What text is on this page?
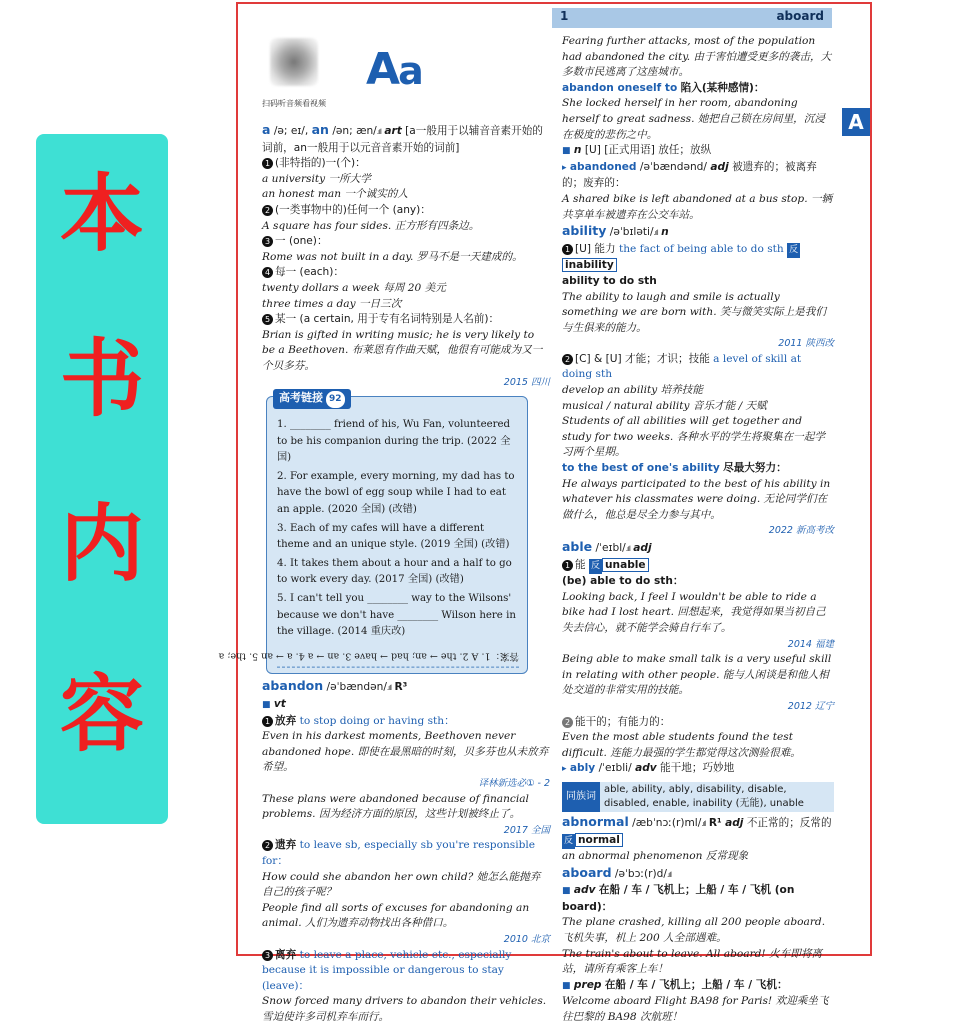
本
书
内
容
扫码听音频看视频
Aa
1	aboard
A
a /ə; eɪ/, an /ən; æn/.ıIl art [a一般用于以辅音音素开始的词前，an一般用于以元音音素开始的词前]
1 (非特指的)一(个)：
a university 一所大学
an honest man 一个诚实的人
2 (一类事物中的)任何一个 (any)：
A square has four sides. 正方形有四条边。
3 一 (one)：
Rome was not built in a day. 罗马不是一天建成的。
4 每一 (each)：
twenty dollars a week 每周 20 美元
three times a day 一日三次
5 某一 (a certain, 用于专有名词特别是人名前)：
Brian is gifted in writing music; he is very likely to be a Beethoven. 布莱恩有作曲天赋，他很有可能成为又一个贝多芬。
2015 四川
高考链接 92
1. ________ friend of his, Wu Fan, volunteered to be his companion during the trip. (2022 全国)
2. For example, every morning, my dad has to have the bowl of egg soup while I had to eat an apple. (2020 全国) (改错)
3. Each of my cafes will have a different theme and an unique style. (2019 全国) (改错)
4. It takes them about a hour and a half to go to work every day. (2017 全国) (改错)
5. I can't tell you ________ way to the Wilsons' because we don't have ________ Wilson here in the village. (2014 重庆改)
答案：1. A 2. the → an; had → have 3. an → a 4. a → an 5. the; a
abandon /əˈbændən/.ıIl R³
■ vt
1 放弃 to stop doing or having sth：
Even in his darkest moments, Beethoven never abandoned hope. 即使在最黑暗的时刻，贝多芬也从未放弃希望。
译林新选必① - 2
These plans were abandoned because of financial problems. 因为经济方面的原因，这些计划被终止了。
2017 全国
2 遗弃 to leave sb, especially sb you're responsible for：
How could she abandon her own child? 她怎么能抛弃自己的孩子呢？
People find all sorts of excuses for abandoning an animal. 人们为遗弃动物找出各种借口。
2010 北京
3 离弃 to leave a place, vehicle etc., especially because it is impossible or dangerous to stay (leave)：
Snow forced many drivers to abandon their vehicles. 雪迫使许多司机弃车而行。
Fearing further attacks, most of the population had abandoned the city. 由于害怕遭受更多的袭击，大多数市民逃离了这座城市。
abandon oneself to 陷入(某种感情)：
She locked herself in her room, abandoning herself to great sadness. 她把自己锁在房间里，沉浸在极度的悲伤之中。
■ n [U] [正式用语] 放任；放纵
▸ abandoned /əˈbændənd/ adj 被遗弃的；被离弃的；废弃的：
A shared bike is left abandoned at a bus stop. 一辆共享单车被遗弃在公交车站。
ability /əˈbɪləti/.ıIl n
1 [U] 能力 the fact of being able to do sth 反inability
ability to do sth
The ability to laugh and smile is actually something we are born with. 笑与微笑实际上是我们与生俱来的能力。
2011 陕西改
2 [C] & [U] 才能；才识；技能 a level of skill at doing sth
develop an ability 培养技能
musical / natural ability 音乐才能 / 天赋
Students of all abilities will get together and study for two weeks. 各种水平的学生将聚集在一起学习两个星期。
to the best of one's ability 尽最大努力：
He always participated to the best of his ability in whatever his classmates were doing. 无论同学们在做什么，他总是尽全力参与其中。
2022 新高考改
able /ˈeɪbl/.ıIl adj
1 能 反 unable
(be) able to do sth：
Looking back, I feel I wouldn't be able to ride a bike had I lost heart. 回想起来，我觉得如果当初自己失去信心，就不能学会骑自行车了。
2014 福建
Being able to make small talk is a very useful skill in relating with other people. 能与人闲谈是和他人相处交道的非常实用的技能。
2012 辽宁
2 能干的；有能力的：
Even the most able students found the test difficult. 连能力最强的学生都觉得这次测验很难。
▸ ably /ˈeɪbli/ adv 能干地；巧妙地
同族词
able, ability, ably, disability, disable, disabled, enable, inability (无能), unable
abnormal /æbˈnɔː(r)ml/.ıIl R¹ adj 不正常的；反常的 反 normal
an abnormal phenomenon 反常现象
aboard /əˈbɔː(r)d/.ıIl
■ adv 在船 / 车 / 飞机上；上船 / 车 / 飞机 (on board)：
The plane crashed, killing all 200 people aboard. 飞机失事，机上 200 人全部遇难。
The train's about to leave. All aboard! 火车即将离站，请所有乘客上车！
■ prep 在船 / 车 / 飞机上；上船 / 车 / 飞机：
Welcome aboard Flight BA98 for Paris! 欢迎乘坐飞往巴黎的 BA98 次航班！
